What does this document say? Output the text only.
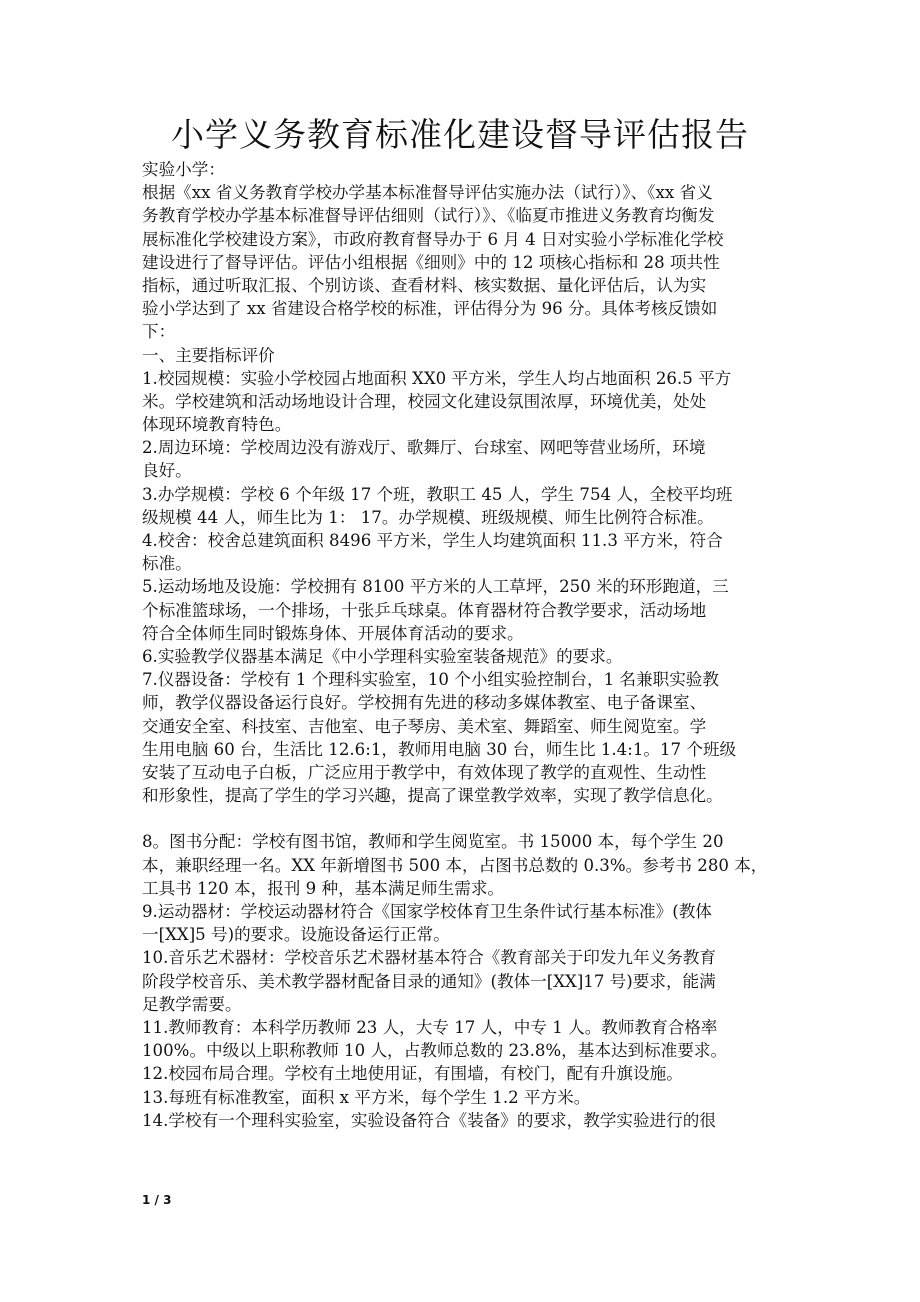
小学义务教育标准化建设督导评估报告
实验小学：
根据《xx 省义务教育学校办学基本标准督导评估实施办法（试行）》、《xx 省义
务教育学校办学基本标准督导评估细则（试行）》、《临夏市推进义务教育均衡发
展标准化学校建设方案》，市政府教育督导办于 6 月 4 日对实验小学标准化学校
建设进行了督导评估。评估小组根据《细则》中的 12 项核心指标和 28 项共性
指标，通过听取汇报、个别访谈、查看材料、核实数据、量化评估后，认为实
验小学达到了 xx 省建设合格学校的标准，评估得分为 96 分。具体考核反馈如
下：
一、主要指标评价
1.校园规模：实验小学校园占地面积 XX0 平方米，学生人均占地面积 26.5 平方
米。学校建筑和活动场地设计合理，校园文化建设氛围浓厚，环境优美，处处
体现环境教育特色。
2.周边环境：学校周边没有游戏厅、歌舞厅、台球室、网吧等营业场所，环境
良好。
3.办学规模：学校 6 个年级 17 个班，教职工 45 人，学生 754 人，全校平均班
级规模 44 人，师生比为 1： 17。办学规模、班级规模、师生比例符合标准。
4.校舍：校舍总建筑面积 8496 平方米，学生人均建筑面积 11.3 平方米，符合
标准。
5.运动场地及设施：学校拥有 8100 平方米的人工草坪，250 米的环形跑道，三
个标准篮球场，一个排场，十张乒乓球桌。体育器材符合教学要求，活动场地
符合全体师生同时锻炼身体、开展体育活动的要求。
6.实验教学仪器基本满足《中小学理科实验室装备规范》的要求。
7.仪器设备：学校有 1 个理科实验室，10 个小组实验控制台，1 名兼职实验教
师，教学仪器设备运行良好。学校拥有先进的移动多媒体教室、电子备课室、
交通安全室、科技室、吉他室、电子琴房、美术室、舞蹈室、师生阅览室。学
生用电脑 60 台，生活比 12.6:1，教师用电脑 30 台，师生比 1.4:1。17 个班级
安装了互动电子白板，广泛应用于教学中，有效体现了教学的直观性、生动性
和形象性，提高了学生的学习兴趣，提高了课堂教学效率，实现了教学信息化。
8。图书分配：学校有图书馆，教师和学生阅览室。书 15000 本，每个学生 20
本，兼职经理一名。XX 年新增图书 500 本，占图书总数的 0.3%。参考书 280 本，
工具书 120 本，报刊 9 种，基本满足师生需求。
9.运动器材：学校运动器材符合《国家学校体育卫生条件试行基本标准》(教体
一[XX]5 号)的要求。设施设备运行正常。
10.音乐艺术器材：学校音乐艺术器材基本符合《教育部关于印发九年义务教育
阶段学校音乐、美术教学器材配备目录的通知》(教体一[XX]17 号)要求，能满
足教学需要。
11.教师教育：本科学历教师 23 人，大专 17 人，中专 1 人。教师教育合格率
100%。中级以上职称教师 10 人，占教师总数的 23.8%，基本达到标准要求。
12.校园布局合理。学校有土地使用证，有围墙，有校门，配有升旗设施。
13.每班有标准教室，面积 x 平方米，每个学生 1.2 平方米。
14.学校有一个理科实验室，实验设备符合《装备》的要求，教学实验进行的很
1 / 3
